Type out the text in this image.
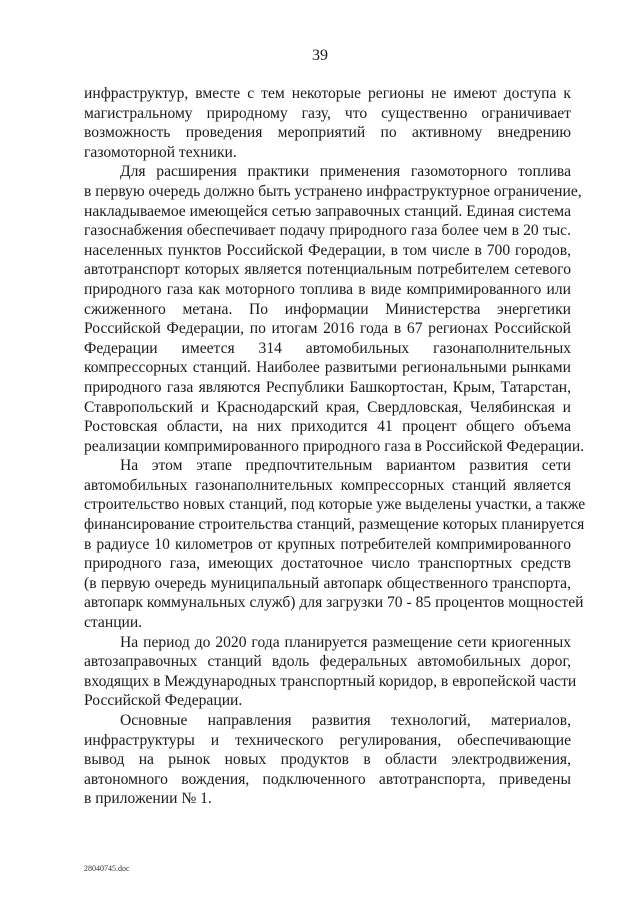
39
инфраструктур, вместе с тем некоторые регионы не имеют доступа к
магистральному природному газу, что существенно ограничивает
возможность проведения мероприятий по активному внедрению
газомоторной техники.
Для расширения практики применения газомоторного топлива
в первую очередь должно быть устранено инфраструктурное ограничение,
накладываемое имеющейся сетью заправочных станций. Единая система
газоснабжения обеспечивает подачу природного газа более чем в 20 тыс.
населенных пунктов Российской Федерации, в том числе в 700 городов,
автотранспорт которых является потенциальным потребителем сетевого
природного газа как моторного топлива в виде компримированного или
сжиженного метана. По информации Министерства энергетики
Российской Федерации, по итогам 2016 года в 67 регионах Российской
Федерации имеется 314 автомобильных газонаполнительных
компрессорных станций. Наиболее развитыми региональными рынками
природного газа являются Республики Башкортостан, Крым, Татарстан,
Ставропольский и Краснодарский края, Свердловская, Челябинская и
Ростовская области, на них приходится 41 процент общего объема
реализации компримированного природного газа в Российской Федерации.
На этом этапе предпочтительным вариантом развития сети
автомобильных газонаполнительных компрессорных станций является
строительство новых станций, под которые уже выделены участки, а также
финансирование строительства станций, размещение которых планируется
в радиусе 10 километров от крупных потребителей компримированного
природного газа, имеющих достаточное число транспортных средств
(в первую очередь муниципальный автопарк общественного транспорта,
автопарк коммунальных служб) для загрузки 70 - 85 процентов мощностей
станции.
На период до 2020 года планируется размещение сети криогенных
автозаправочных станций вдоль федеральных автомобильных дорог,
входящих в Международных транспортный коридор, в европейской части
Российской Федерации.
Основные направления развития технологий, материалов,
инфраструктуры и технического регулирования, обеспечивающие
вывод на рынок новых продуктов в области электродвижения,
автономного вождения, подключенного автотранспорта, приведены
в приложении № 1.
28040745.doc
